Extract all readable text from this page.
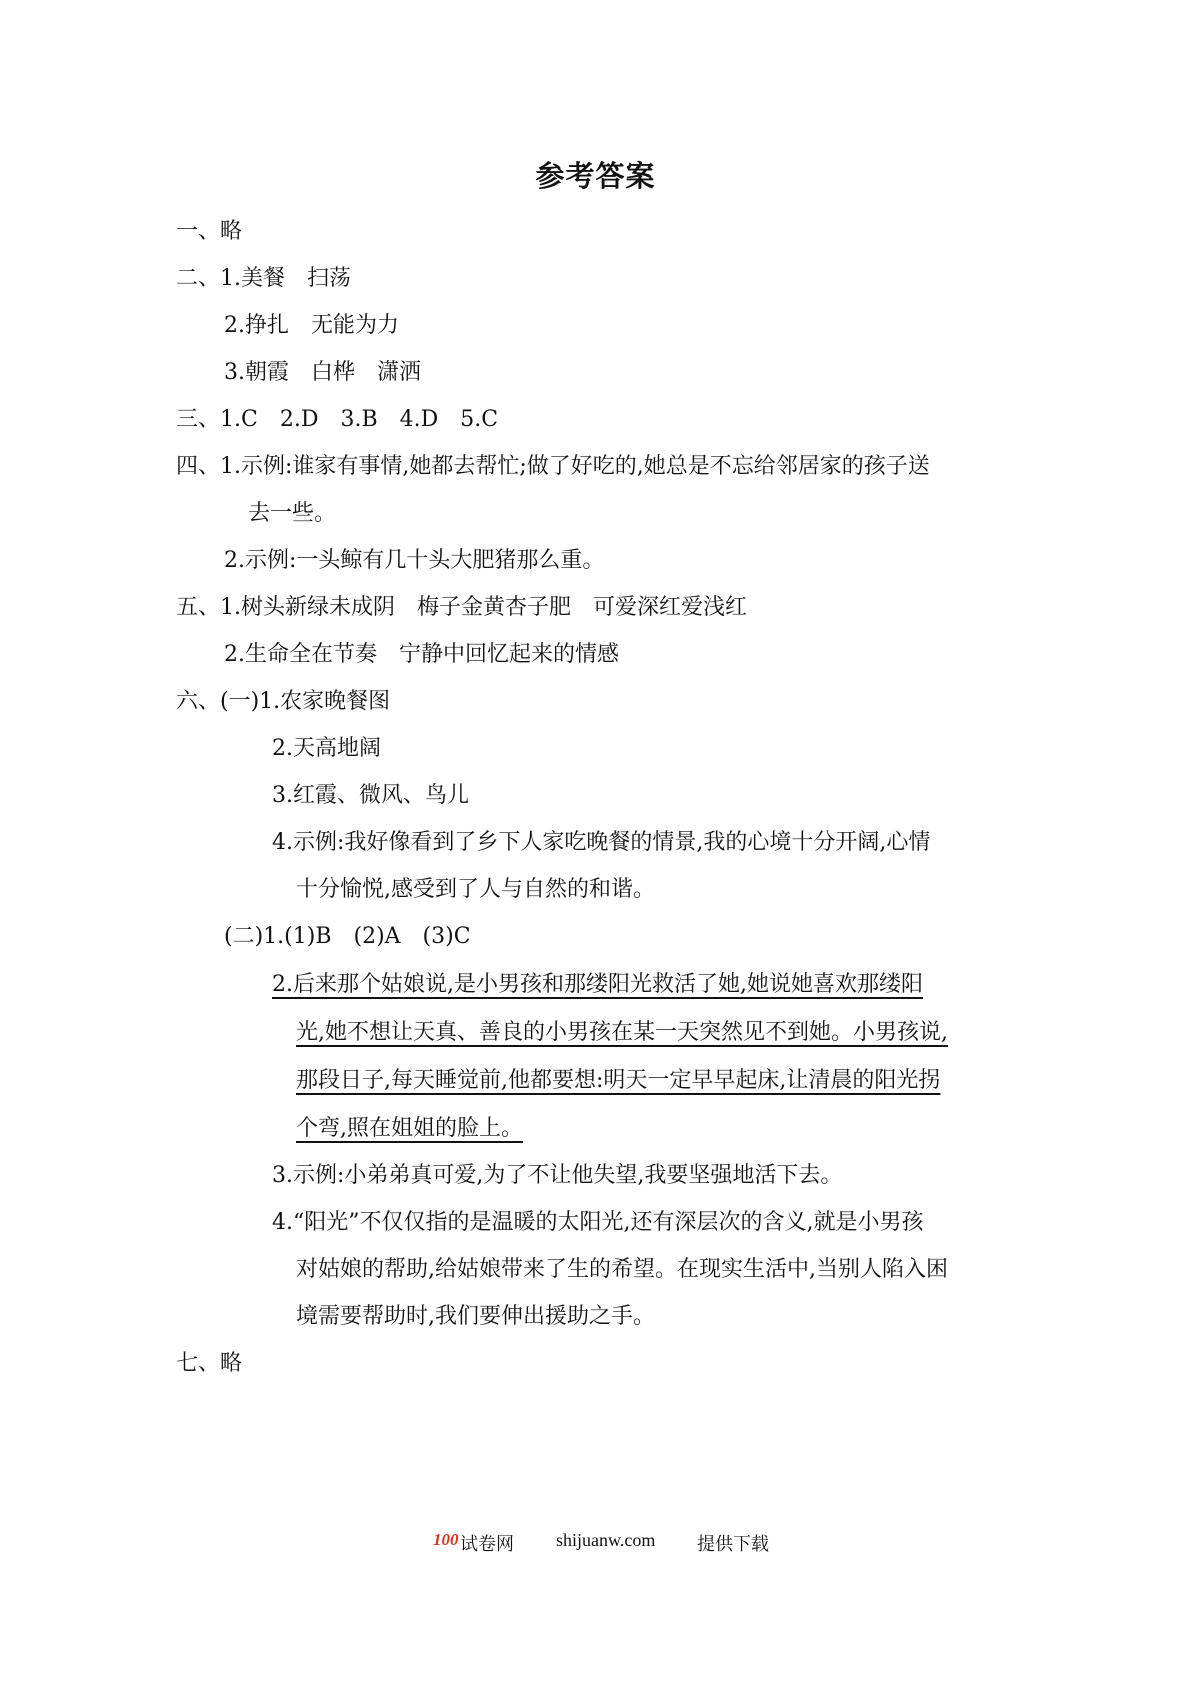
参考答案
一、略
二、1.美餐　扫荡
2.挣扎　无能为力
3.朝霞　白桦　潇洒
三、1.C　2.D　3.B　4.D　5.C
四、1.示例:谁家有事情,她都去帮忙;做了好吃的,她总是不忘给邻居家的孩子送
去一些。
2.示例:一头鲸有几十头大肥猪那么重。
五、1.树头新绿未成阴　梅子金黄杏子肥　可爱深红爱浅红
2.生命全在节奏　宁静中回忆起来的情感
六、(一)1.农家晚餐图
2.天高地阔
3.红霞、微风、鸟儿
4.示例:我好像看到了乡下人家吃晚餐的情景,我的心境十分开阔,心情
十分愉悦,感受到了人与自然的和谐。
(二)1.(1)B　(2)A　(3)C
2.后来那个姑娘说,是小男孩和那缕阳光救活了她,她说她喜欢那缕阳
光,她不想让天真、善良的小男孩在某一天突然见不到她。小男孩说,
那段日子,每天睡觉前,他都要想:明天一定早早起床,让清晨的阳光拐
个弯,照在姐姐的脸上。
3.示例:小弟弟真可爱,为了不让他失望,我要坚强地活下去。
4.“阳光”不仅仅指的是温暖的太阳光,还有深层次的含义,就是小男孩
对姑娘的帮助,给姑娘带来了生的希望。在现实生活中,当别人陷入困
境需要帮助时,我们要伸出援助之手。
七、略
100 试卷网 shijuanw.com 提供下载
